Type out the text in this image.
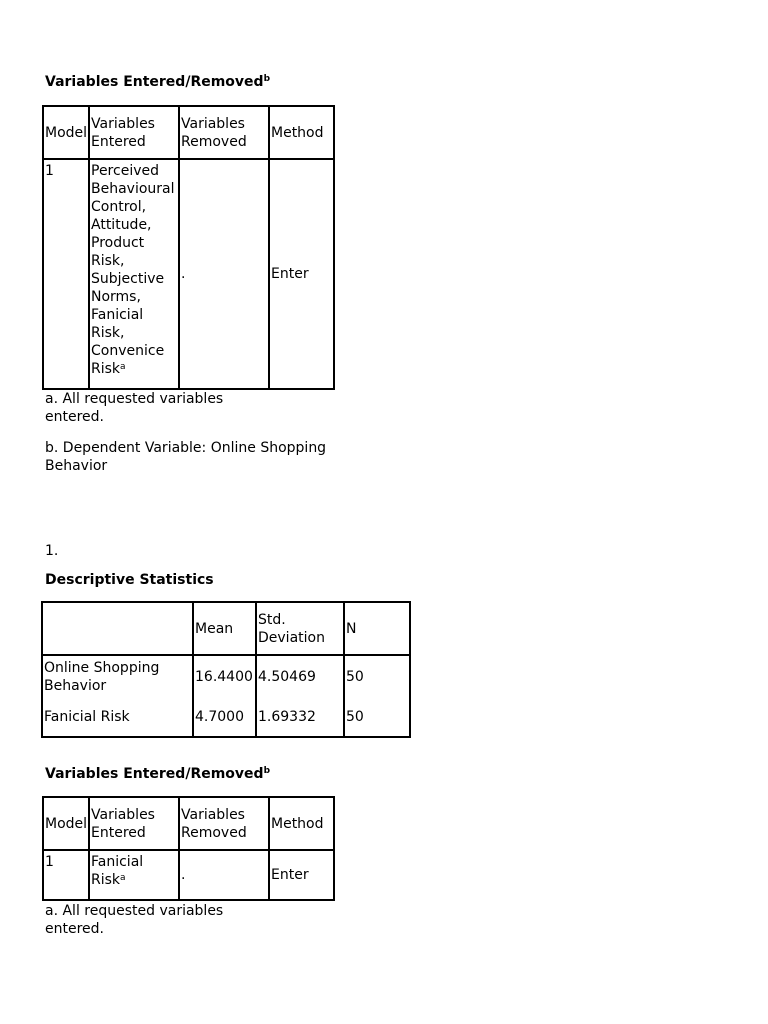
Variables Entered/Removed$^b$
Model	Variables Entered	Variables Removed	Method
1	Perceived Behavioural Control, Attitude, Product Risk, Subjective Norms, Fanicial Risk, Convenice Risk$^a$	.	Enter
a. All requested variables entered.
b. Dependent Variable: Online Shopping Behavior
1.
Descriptive Statistics
	Mean	Std. Deviation	N
Online Shopping Behavior	16.4400	4.50469	50
Fanicial Risk	4.7000	1.69332	50
Variables Entered/Removed$^b$
Model	Variables Entered	Variables Removed	Method
1	Fanicial Risk$^a$	.	Enter
a. All requested variables entered.
